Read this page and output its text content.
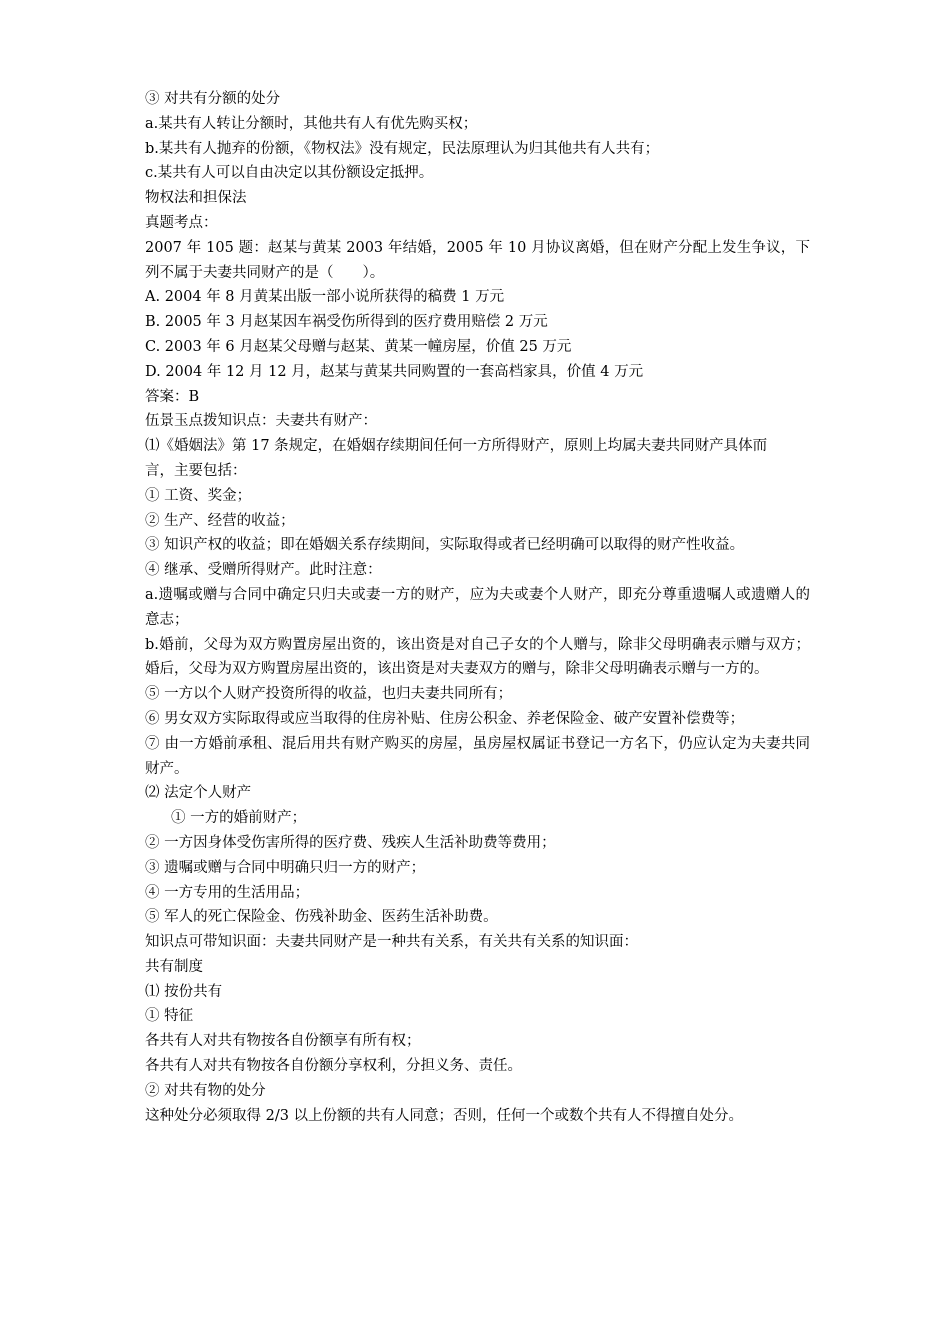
③ 对共有分额的处分

a.某共有人转让分额时，其他共有人有优先购买权；

b.某共有人抛弃的份额，《物权法》没有规定，民法原理认为归其他共有人共有；

c.某共有人可以自由决定以其份额设定抵押。

物权法和担保法

真题考点：

2007 年 105 题：赵某与黄某 2003 年结婚，2005 年 10 月协议离婚，但在财产分配上发生争议，下列不属于夫妻共同财产的是（　　）。

A. 2004 年 8 月黄某出版一部小说所获得的稿费 1 万元

B. 2005 年 3 月赵某因车祸受伤所得到的医疗费用赔偿 2 万元

C. 2003 年 6 月赵某父母赠与赵某、黄某一幢房屋，价值 25 万元

D. 2004 年 12 月 12 月，赵某与黄某共同购置的一套高档家具，价值 4 万元

答案：B

伍景玉点拨知识点：夫妻共有财产：

⑴《婚姻法》第 17 条规定，在婚姻存续期间任何一方所得财产，原则上均属夫妻共同财产具体而

言，主要包括：

① 工资、奖金；

② 生产、经营的收益；

③ 知识产权的收益；即在婚姻关系存续期间，实际取得或者已经明确可以取得的财产性收益。

④ 继承、受赠所得财产。此时注意：

a.遗嘱或赠与合同中确定只归夫或妻一方的财产，应为夫或妻个人财产，即充分尊重遗嘱人或遗赠人的意志；

b.婚前，父母为双方购置房屋出资的，该出资是对自己子女的个人赠与，除非父母明确表示赠与双方；婚后，父母为双方购置房屋出资的，该出资是对夫妻双方的赠与，除非父母明确表示赠与一方的。

⑤ 一方以个人财产投资所得的收益，也归夫妻共同所有；

⑥ 男女双方实际取得或应当取得的住房补贴、住房公积金、养老保险金、破产安置补偿费等；

⑦ 由一方婚前承租、混后用共有财产购买的房屋，虽房屋权属证书登记一方名下，仍应认定为夫妻共同财产。

⑵ 法定个人财产

① 一方的婚前财产；

② 一方因身体受伤害所得的医疗费、残疾人生活补助费等费用；

③ 遗嘱或赠与合同中明确只归一方的财产；

④ 一方专用的生活用品；

⑤ 军人的死亡保险金、伤残补助金、医药生活补助费。

知识点可带知识面：夫妻共同财产是一种共有关系，有关共有关系的知识面：

共有制度

⑴ 按份共有

① 特征

各共有人对共有物按各自份额享有所有权；

各共有人对共有物按各自份额分享权利，分担义务、责任。

② 对共有物的处分

这种处分必须取得 2/3 以上份额的共有人同意；否则，任何一个或数个共有人不得擅自处分。
